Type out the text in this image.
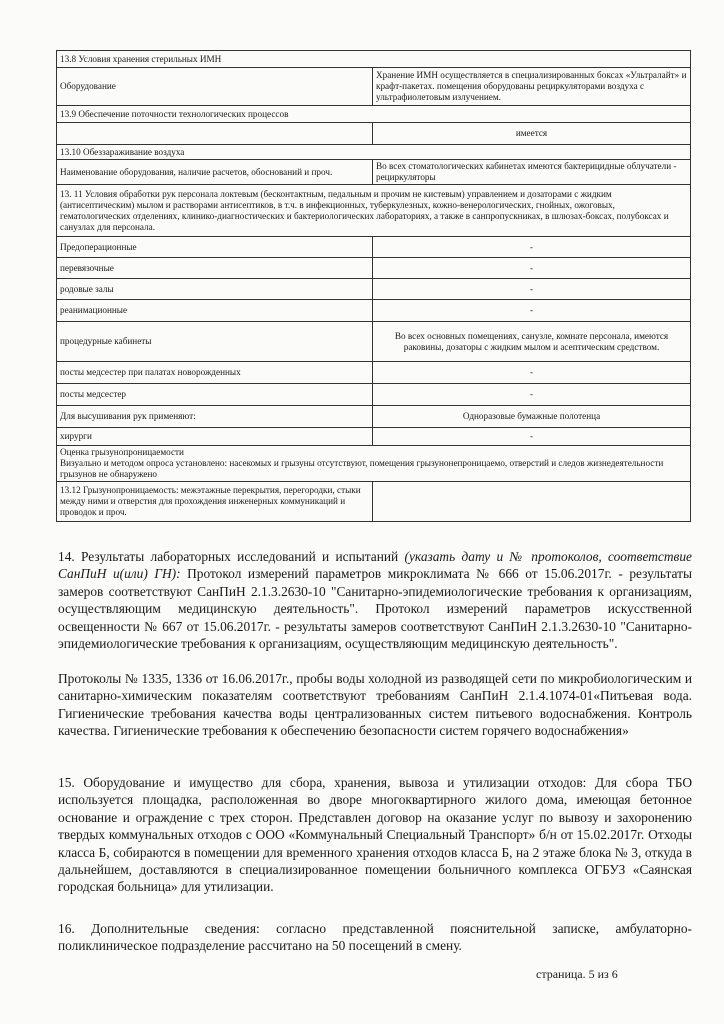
13.8 Условия хранения стерильных ИМН	
Оборудование	Хранение ИМН осуществляется в специализированных боксах «Ультралайт» и крафт-пакетах. помещения оборудованы рециркуляторами воздуха с ультрафиолетовым излучением.
13.9 Обеспечение поточности технологических процессов	
	имеется
13.10 Обеззараживание воздуха	
Наименование оборудования, наличие расчетов, обоснований и проч.	Во всех стоматологических кабинетах имеются бактерицидные облучатели - рециркуляторы
13. 11 Условия обработки рук персонала локтевым (бесконтактным, педальным и прочим не кистевым) управлением и дозаторами с жидким (антисептическим) мылом и растворами антисептиков, в т.ч. в инфекционных, туберкулезных, кожно-венерологических, гнойных, ожоговых, гематологических отделениях, клинико-диагностических и бактериологических лабораториях, а также в санпропускниках, в шлюзах-боксах, полубоксах и санузлах для персонала.	
Предоперационные	-
перевязочные	-
родовые залы	-
реанимационные	-
процедурные кабинеты	Во всех основных помещениях, санузле, комнате персонала, имеются раковины, дозаторы с жидким мылом и асептическим средством.
посты медсестер при палатах новорожденных	-
посты медсестер	-
Для высушивания рук применяют:	Одноразовые бумажные полотенца
хирурги	-

Оценка грызунопроницаемости
Визуально и методом опроса установлено: насекомых и грызуны отсутствуют, помещения грызунонепроницаемо, отверстий и следов жизнедеятельности грызунов не обнаружено	

13.12 Грызунопроницаемость: межэтажные перекрытия, перегородки, стыки между ними и отверстия для прохождения инженерных коммуникаций и проводок и проч.	

14. Результаты лабораторных исследований и испытаний (указать дату и № протоколов, соответствие СанПиН и(или) ГН): Протокол измерений параметров микроклимата № 666 от 15.06.2017г. - результаты замеров соответствуют СанПиН 2.1.3.2630-10 "Санитарно-эпидемиологические требования к организациям, осуществляющим медицинскую деятельность". Протокол измерений параметров искусственной освещенности № 667 от 15.06.2017г. - результаты замеров соответствуют СанПиН 2.1.3.2630-10 "Санитарно-эпидемиологические требования к организациям, осуществляющим медицинскую деятельность".

Протоколы № 1335, 1336 от 16.06.2017г., пробы воды холодной из разводящей сети по микробиологическим и санитарно-химическим показателям соответствуют требованиям СанПиН 2.1.4.1074-01«Питьевая вода. Гигиенические требования качества воды централизованных систем питьевого водоснабжения. Контроль качества. Гигиенические требования к обеспечению безопасности систем горячего водоснабжения»

15. Оборудование и имущество для сбора, хранения, вывоза и утилизации отходов: Для сбора ТБО используется площадка, расположенная во дворе многоквартирного жилого дома, имеющая бетонное основание и ограждение с трех сторон. Представлен договор на оказание услуг по вывозу и захоронению твердых коммунальных отходов с ООО «Коммунальный Специальный Транспорт» б/н от 15.02.2017г. Отходы класса Б, собираются в помещении для временного хранения отходов класса Б, на 2 этаже блока № 3, откуда в дальнейшем, доставляются в специализированное помещении больничного комплекса ОГБУЗ «Саянская городская больница» для утилизации.

16. Дополнительные сведения: согласно представленной пояснительной записке, амбулаторно-поликлиническое подразделение рассчитано на 50 посещений в смену.

страница. 5 из 6
